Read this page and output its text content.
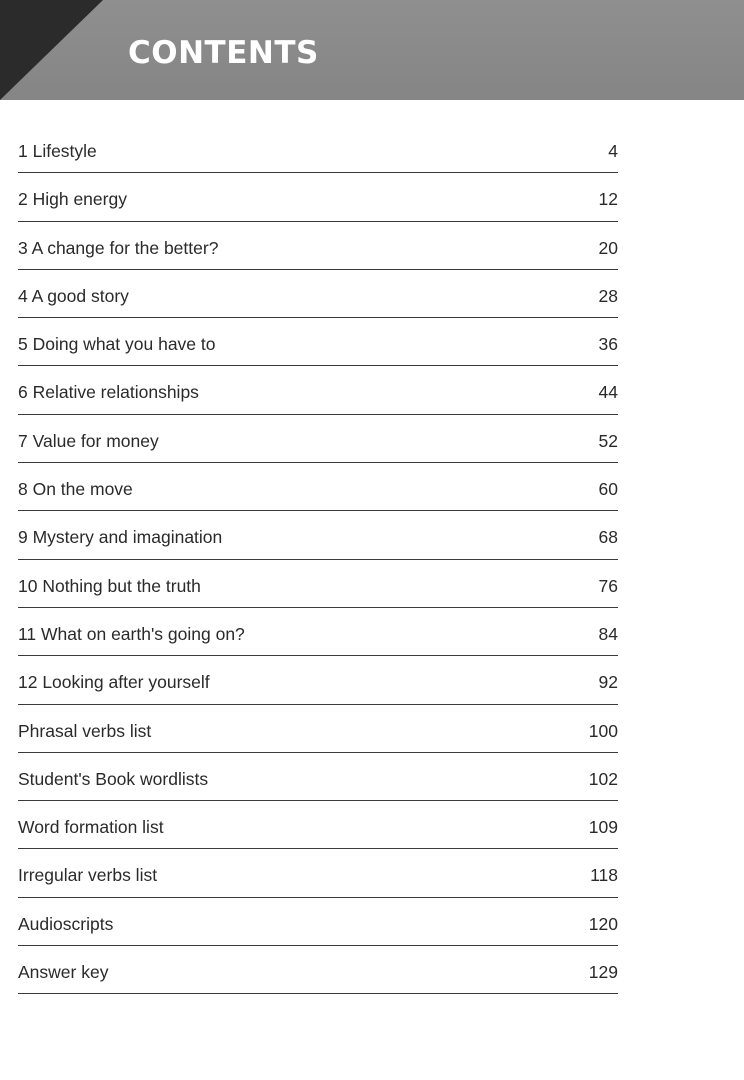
CONTENTS
1 Lifestyle	4
2 High energy	12
3 A change for the better?	20
4 A good story	28
5 Doing what you have to	36
6 Relative relationships	44
7 Value for money	52
8 On the move	60
9 Mystery and imagination	68
10 Nothing but the truth	76
11 What on earth's going on?	84
12 Looking after yourself	92
Phrasal verbs list	100
Student's Book wordlists	102
Word formation list	109
Irregular verbs list	118
Audioscripts	120
Answer key	129
